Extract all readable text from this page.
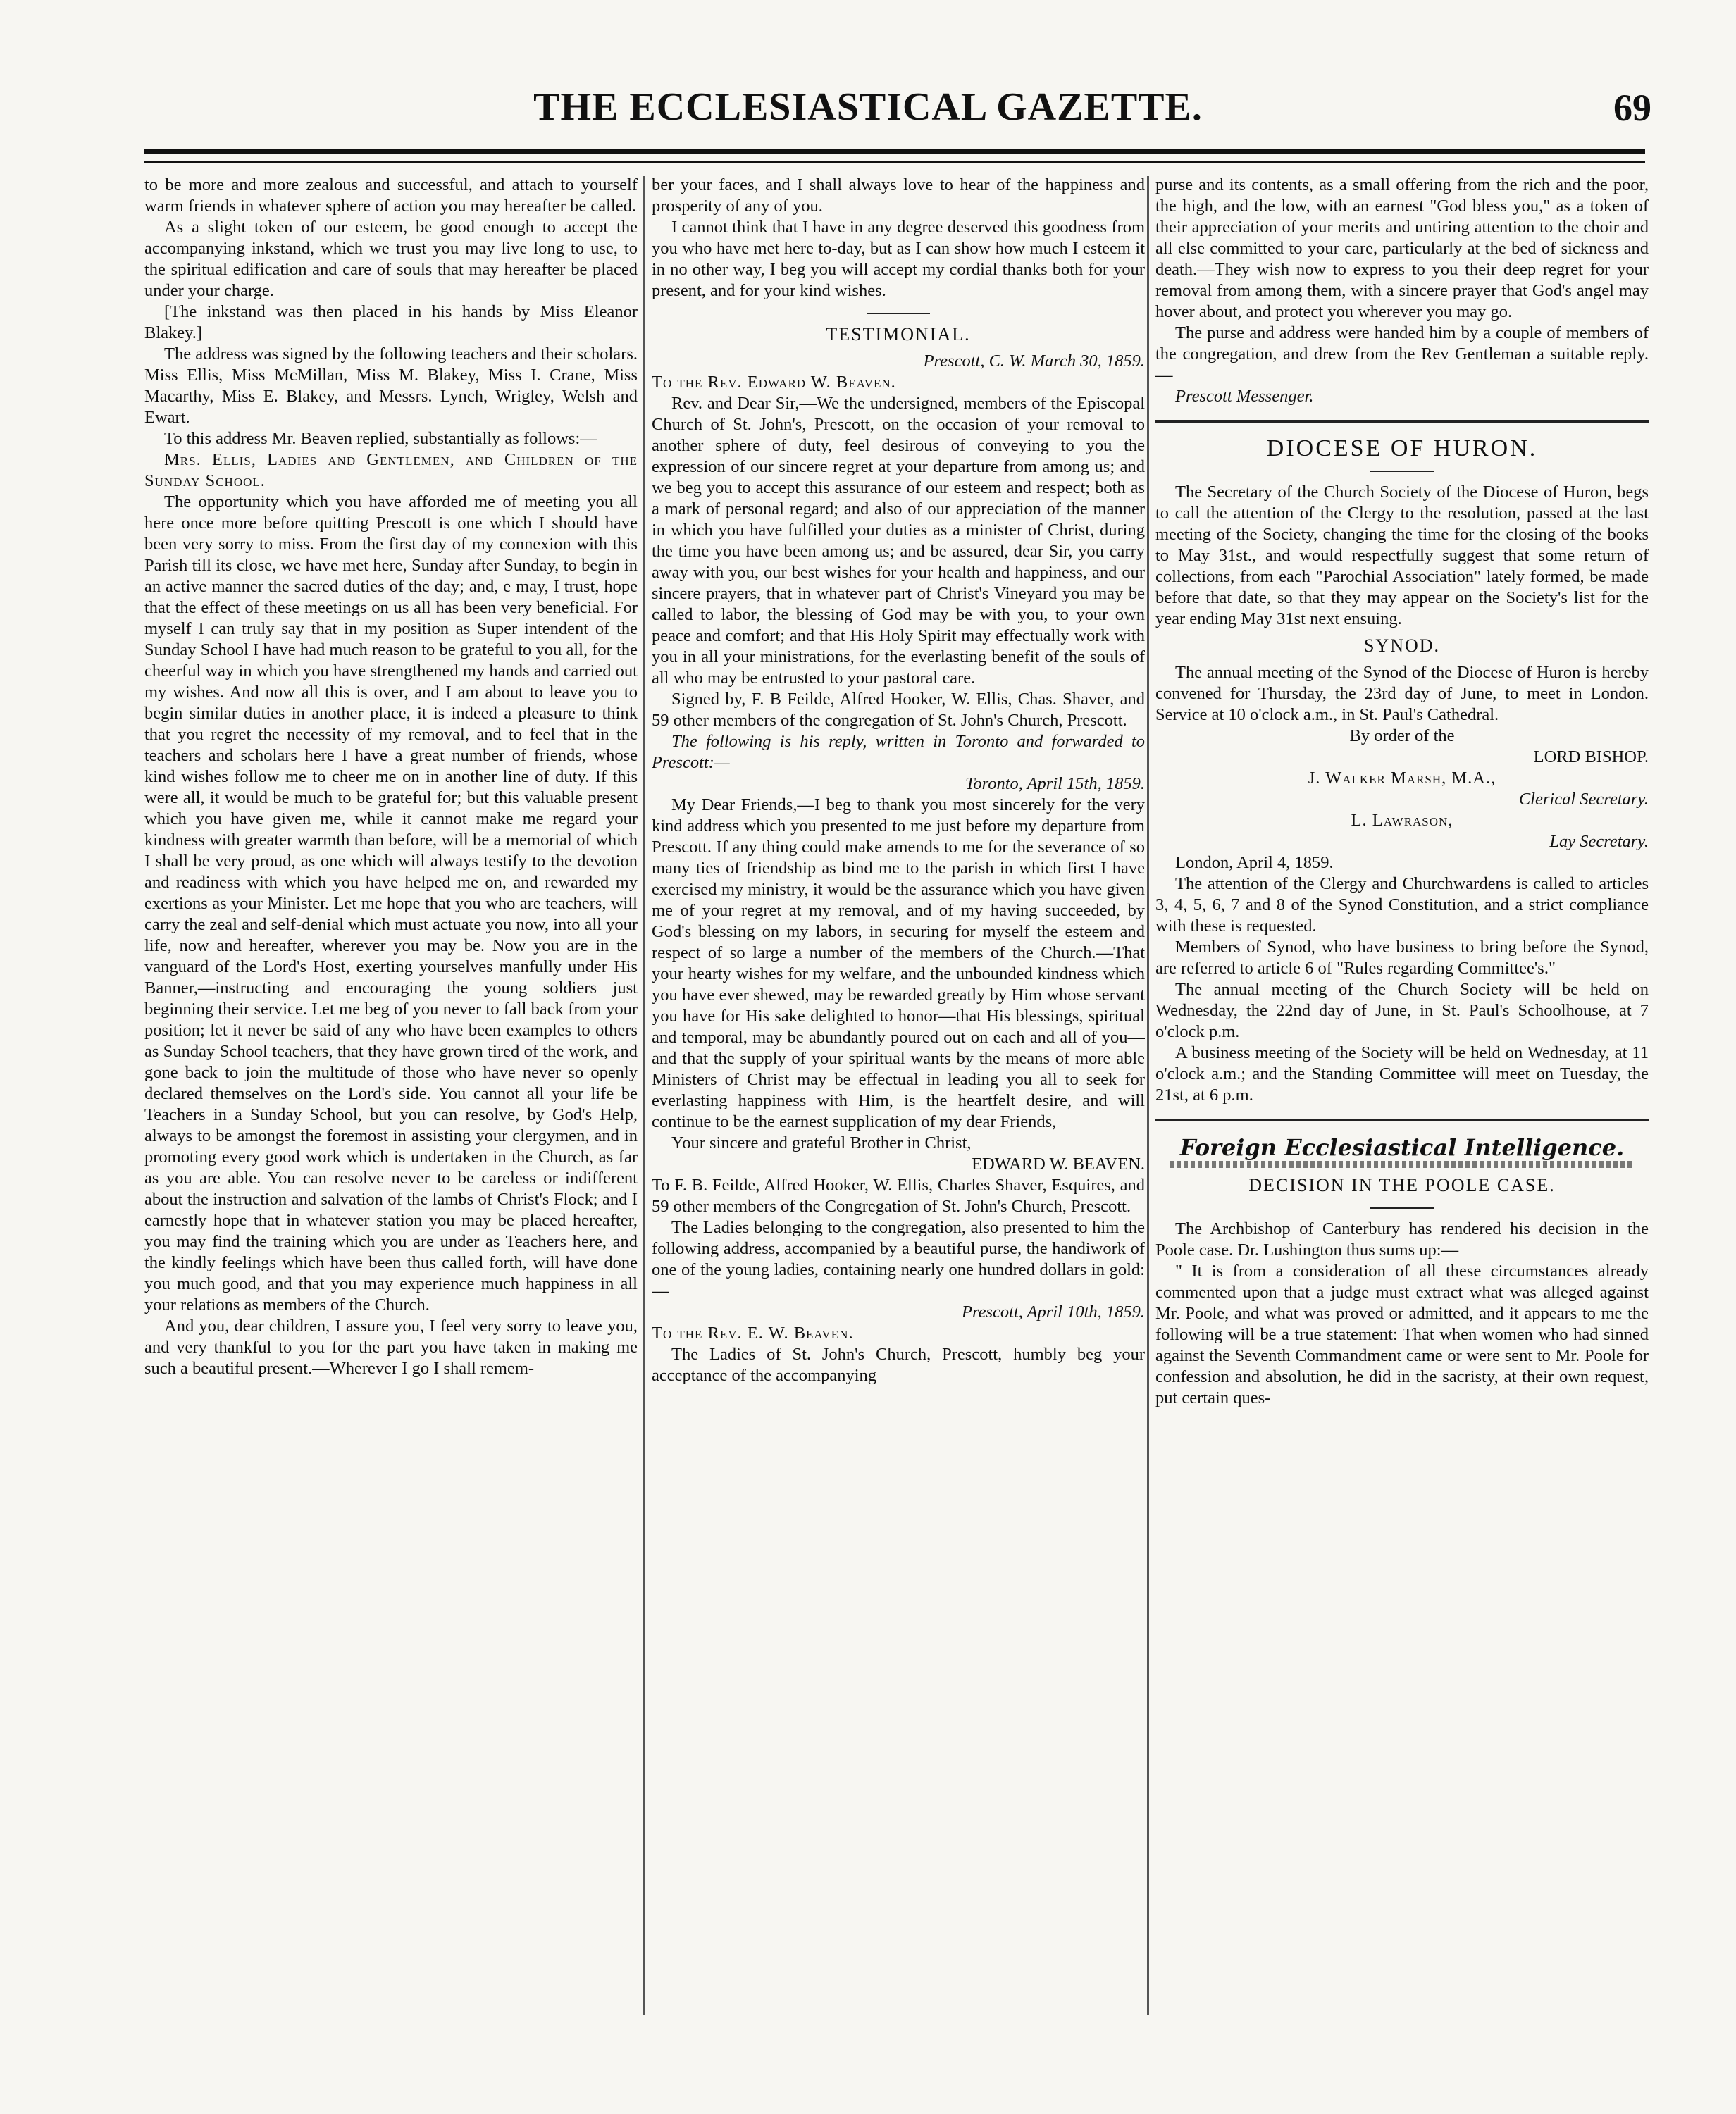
THE ECCLESIASTICAL GAZETTE.	69

to be more and more zealous and successful, and attach to yourself warm friends in whatever sphere of action you may hereafter be called.

As a slight token of our esteem, be good enough to accept the accompanying inkstand, which we trust you may live long to use, to the spiritual edification and care of souls that may hereafter be placed under your charge.

[The inkstand was then placed in his hands by Miss Eleanor Blakey.]

The address was signed by the following teachers and their scholars. Miss Ellis, Miss McMillan, Miss M. Blakey, Miss I. Crane, Miss Macarthy, Miss E. Blakey, and Messrs. Lynch, Wrigley, Welsh and Ewart.

To this address Mr. Beaven replied, substantially as follows:—

Mrs. Ellis, Ladies and Gentlemen, and Children of the Sunday School.

The opportunity which you have afforded me of meeting you all here once more before quitting Prescott is one which I should have been very sorry to miss. From the first day of my connexion with this Parish till its close, we have met here, Sunday after Sunday, to begin in an active manner the sacred duties of the day; and, e may, I trust, hope that the effect of these meetings on us all has been very beneficial. For myself I can truly say that in my position as Super intendent of the Sunday School I have had much reason to be grateful to you all, for the cheerful way in which you have strengthened my hands and carried out my wishes. And now all this is over, and I am about to leave you to begin similar duties in another place, it is indeed a pleasure to think that you regret the necessity of my removal, and to feel that in the teachers and scholars here I have a great number of friends, whose kind wishes follow me to cheer me on in another line of duty. If this were all, it would be much to be grateful for; but this valuable present which you have given me, while it cannot make me regard your kindness with greater warmth than before, will be a memorial of which I shall be very proud, as one which will always testify to the devotion and readiness with which you have helped me on, and rewarded my exertions as your Minister. Let me hope that you who are teachers, will carry the zeal and self-denial which must actuate you now, into all your life, now and hereafter, wherever you may be. Now you are in the vanguard of the Lord's Host, exerting yourselves manfully under His Banner,—instructing and encouraging the young soldiers just beginning their service. Let me beg of you never to fall back from your position; let it never be said of any who have been examples to others as Sunday School teachers, that they have grown tired of the work, and gone back to join the multitude of those who have never so openly declared themselves on the Lord's side. You cannot all your life be Teachers in a Sunday School, but you can resolve, by God's Help, always to be amongst the foremost in assisting your clergymen, and in promoting every good work which is undertaken in the Church, as far as you are able. You can resolve never to be careless or indifferent about the instruction and salvation of the lambs of Christ's Flock; and I earnestly hope that in whatever station you may be placed hereafter, you may find the training which you are under as Teachers here, and the kindly feelings which have been thus called forth, will have done you much good, and that you may experience much happiness in all your relations as members of the Church.

And you, dear children, I assure you, I feel very sorry to leave you, and very thankful to you for the part you have taken in making me such a beautiful present.—Wherever I go I shall remem-

ber your faces, and I shall always love to hear of the happiness and prosperity of any of you.

I cannot think that I have in any degree deserved this goodness from you who have met here to-day, but as I can show how much I esteem it in no other way, I beg you will accept my cordial thanks both for your present, and for your kind wishes.

TESTIMONIAL.

Prescott, C. W. March 30, 1859.

To the Rev. Edward W. Beaven.

Rev. and Dear Sir,—We the undersigned, members of the Episcopal Church of St. John's, Prescott, on the occasion of your removal to another sphere of duty, feel desirous of conveying to you the expression of our sincere regret at your departure from among us; and we beg you to accept this assurance of our esteem and respect; both as a mark of personal regard; and also of our appreciation of the manner in which you have fulfilled your duties as a minister of Christ, during the time you have been among us; and be assured, dear Sir, you carry away with you, our best wishes for your health and happiness, and our sincere prayers, that in whatever part of Christ's Vineyard you may be called to labor, the blessing of God may be with you, to your own peace and comfort; and that His Holy Spirit may effectually work with you in all your ministrations, for the everlasting benefit of the souls of all who may be entrusted to your pastoral care.

Signed by, F. B Feilde, Alfred Hooker, W. Ellis, Chas. Shaver, and 59 other members of the congregation of St. John's Church, Prescott.

The following is his reply, written in Toronto and forwarded to Prescott:—

Toronto, April 15th, 1859.

My Dear Friends,—I beg to thank you most sincerely for the very kind address which you presented to me just before my departure from Prescott. If any thing could make amends to me for the severance of so many ties of friendship as bind me to the parish in which first I have exercised my ministry, it would be the assurance which you have given me of your regret at my removal, and of my having succeeded, by God's blessing on my labors, in securing for myself the esteem and respect of so large a number of the members of the Church.—That your hearty wishes for my welfare, and the unbounded kindness which you have ever shewed, may be rewarded greatly by Him whose servant you have for His sake delighted to honor—that His blessings, spiritual and temporal, may be abundantly poured out on each and all of you—and that the supply of your spiritual wants by the means of more able Ministers of Christ may be effectual in leading you all to seek for everlasting happiness with Him, is the heartfelt desire, and will continue to be the earnest supplication of my dear Friends,

Your sincere and grateful Brother in Christ,

EDWARD W. BEAVEN.

To F. B. Feilde, Alfred Hooker, W. Ellis, Charles Shaver, Esquires, and 59 other members of the Congregation of St. John's Church, Prescott.

The Ladies belonging to the congregation, also presented to him the following address, accompanied by a beautiful purse, the handiwork of one of the young ladies, containing nearly one hundred dollars in gold:—

Prescott, April 10th, 1859.

To the Rev. E. W. Beaven.

The Ladies of St. John's Church, Prescott, humbly beg your acceptance of the accompanying

purse and its contents, as a small offering from the rich and the poor, the high, and the low, with an earnest "God bless you," as a token of their appreciation of your merits and untiring attention to the choir and all else committed to your care, particularly at the bed of sickness and death.—They wish now to express to you their deep regret for your removal from among them, with a sincere prayer that God's angel may hover about, and protect you wherever you may go.

The purse and address were handed him by a couple of members of the congregation, and drew from the Rev Gentleman a suitable reply.—

Prescott Messenger.

DIOCESE OF HURON.

The Secretary of the Church Society of the Diocese of Huron, begs to call the attention of the Clergy to the resolution, passed at the last meeting of the Society, changing the time for the closing of the books to May 31st., and would respectfully suggest that some return of collections, from each "Parochial Association" lately formed, be made before that date, so that they may appear on the Society's list for the year ending May 31st next ensuing.

SYNOD.

The annual meeting of the Synod of the Diocese of Huron is hereby convened for Thursday, the 23rd day of June, to meet in London. Service at 10 o'clock a.m., in St. Paul's Cathedral.

By order of the

LORD BISHOP.

J. Walker Marsh, M.A.,

Clerical Secretary.

L. Lawrason,

Lay Secretary.

London, April 4, 1859.

The attention of the Clergy and Churchwardens is called to articles 3, 4, 5, 6, 7 and 8 of the Synod Constitution, and a strict compliance with these is requested.

Members of Synod, who have business to bring before the Synod, are referred to article 6 of "Rules regarding Committee's."

The annual meeting of the Church Society will be held on Wednesday, the 22nd day of June, in St. Paul's Schoolhouse, at 7 o'clock p.m.

A business meeting of the Society will be held on Wednesday, at 11 o'clock a.m.; and the Standing Committee will meet on Tuesday, the 21st, at 6 p.m.

Foreign Ecclesiastical Intelligence.
DECISION IN THE POOLE CASE.

The Archbishop of Canterbury has rendered his decision in the Poole case. Dr. Lushington thus sums up:—

" It is from a consideration of all these circumstances already commented upon that a judge must extract what was alleged against Mr. Poole, and what was proved or admitted, and it appears to me the following will be a true statement: That when women who had sinned against the Seventh Commandment came or were sent to Mr. Poole for confession and absolution, he did in the sacristy, at their own request, put certain ques-
